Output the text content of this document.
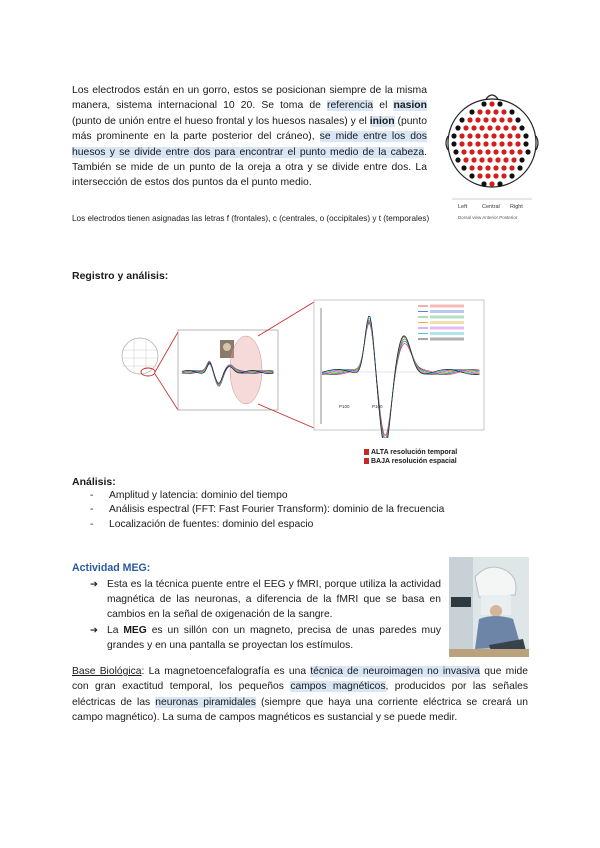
Los electrodos están en un gorro, estos se posicionan siempre de la misma manera, sistema internacional 10 20. Se toma de referencia el nasion (punto de unión entre el hueso frontal y los huesos nasales) y el inion (punto más prominente en la parte posterior del cráneo), se mide entre los dos huesos y se divide entre dos para encontrar el punto medio de la cabeza. También se mide de un punto de la oreja a otra y se divide entre dos. La intersección de estos dos puntos da el punto medio.
Los electrodos tienen asignadas las letras f (frontales), c (centrales, o (occipitales) y t (temporales)
Left	Central Right
Dorsal view Anterior Posterior
Registro y análisis:
P100	P100
ALTA resolución temporal
BAJA resolución espacial
Análisis:
- Amplitud y latencia: dominio del tiempo
- Análisis espectral (FFT: Fast Fourier Transform): dominio de la frecuencia
- Localización de fuentes: dominio del espacio
Actividad MEG:
➔ Esta es la técnica puente entre el EEG y fMRI, porque utiliza la actividad magnética de las neuronas, a diferencia de la fMRI que se basa en cambios en la señal de oxigenación de la sangre.
➔ La MEG es un sillón con un magneto, precisa de unas paredes muy grandes y en una pantalla se proyectan los estímulos.
Base Biológica: La magnetoencefalografía es una técnica de neuroimagen no invasiva que mide con gran exactitud temporal, los pequeños campos magnéticos, producidos por las señales eléctricas de las neuronas piramidales (siempre que haya una corriente eléctrica se creará un campo magnético). La suma de campos magnéticos es sustancial y se puede medir.
